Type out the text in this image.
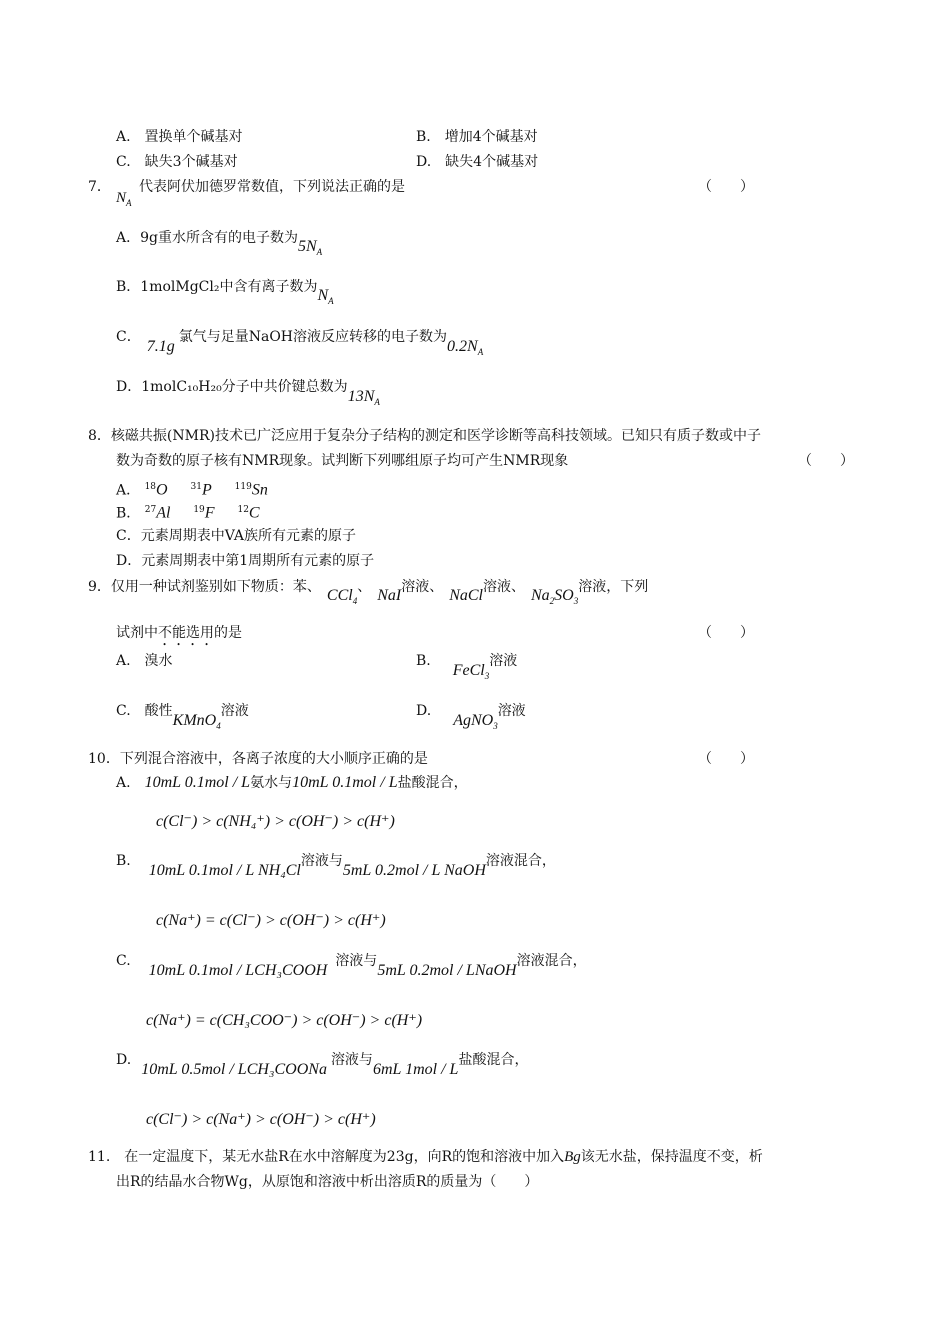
A.　置换单个碱基对	B.　增加4个碱基对
C.　缺失3个碱基对	D.　缺失4个碱基对
7．
$N_A$
代表阿伏加德罗常数值，下列说法正确的是	（　　）
A．9g重水所含有的电子数为$5N_A$
B．1molMgCl₂中含有离子数为$N_A$
C．7.1g氯气与足量NaOH溶液反应转移的电子数为$0.2N_A$
D．1molC₁₀H₂₀分子中共价键总数为$13N_A$
8．核磁共振(NMR)技术已广泛应用于复杂分子结构的测定和医学诊断等高科技领域。已知只有质子数或中子
数为奇数的原子核有NMR现象。试判断下列哪组原子均可产生NMR现象	（　　）
A． $^{18}$O	$^{31}$P	$^{119}$Sn
B． $^{27}$Al	$^{19}$F	$^{12}$C
C．元素周期表中VA族所有元素的原子
D．元素周期表中第1周期所有元素的原子
9．仅用一种试剂鉴别如下物质：苯、 CCl$_4$、 NaI溶液、 NaCl溶液、 $Na_2SO_3$溶液，下列
试剂中不能选用的是	（　　）
A.　溴水	B.FeCl$_3$溶液
C.　酸性KMnO$_4$溶液	D.AgNO$_3$溶液
10．下列混合溶液中，各离子浓度的大小顺序正确的是	（　　）
A. 10mL 0.1mol / L氨水与10mL 0.1mol / L盐酸混合，
c(Cl⁻) > c(NH₄⁺) > c(OH⁻) > c(H⁺)
B.10mL 0.1mol / L NH₄Cl溶液与5mL 0.2mol / L NaOH溶液混合，
c(Na⁺) = c(Cl⁻) > c(OH⁻) > c(H⁺)
C.10mL 0.1mol / LCH₃COOH溶液与5mL 0.2mol / LNaOH溶液混合，
c(Na⁺) = c(CH₃COO⁻) > c(OH⁻) > c(H⁺)
D.10mL 0.5mol / LCH₃COONa溶液与6mL 1mol / L盐酸混合，
c(Cl⁻) > c(Na⁺) > c(OH⁻) > c(H⁺)
11.　在一定温度下，某无水盐R在水中溶解度为23g，向R的饱和溶液中加入Bg该无水盐，保持温度不变，析
出R的结晶水合物Wg，从原饱和溶液中析出溶质R的质量为（　　）
